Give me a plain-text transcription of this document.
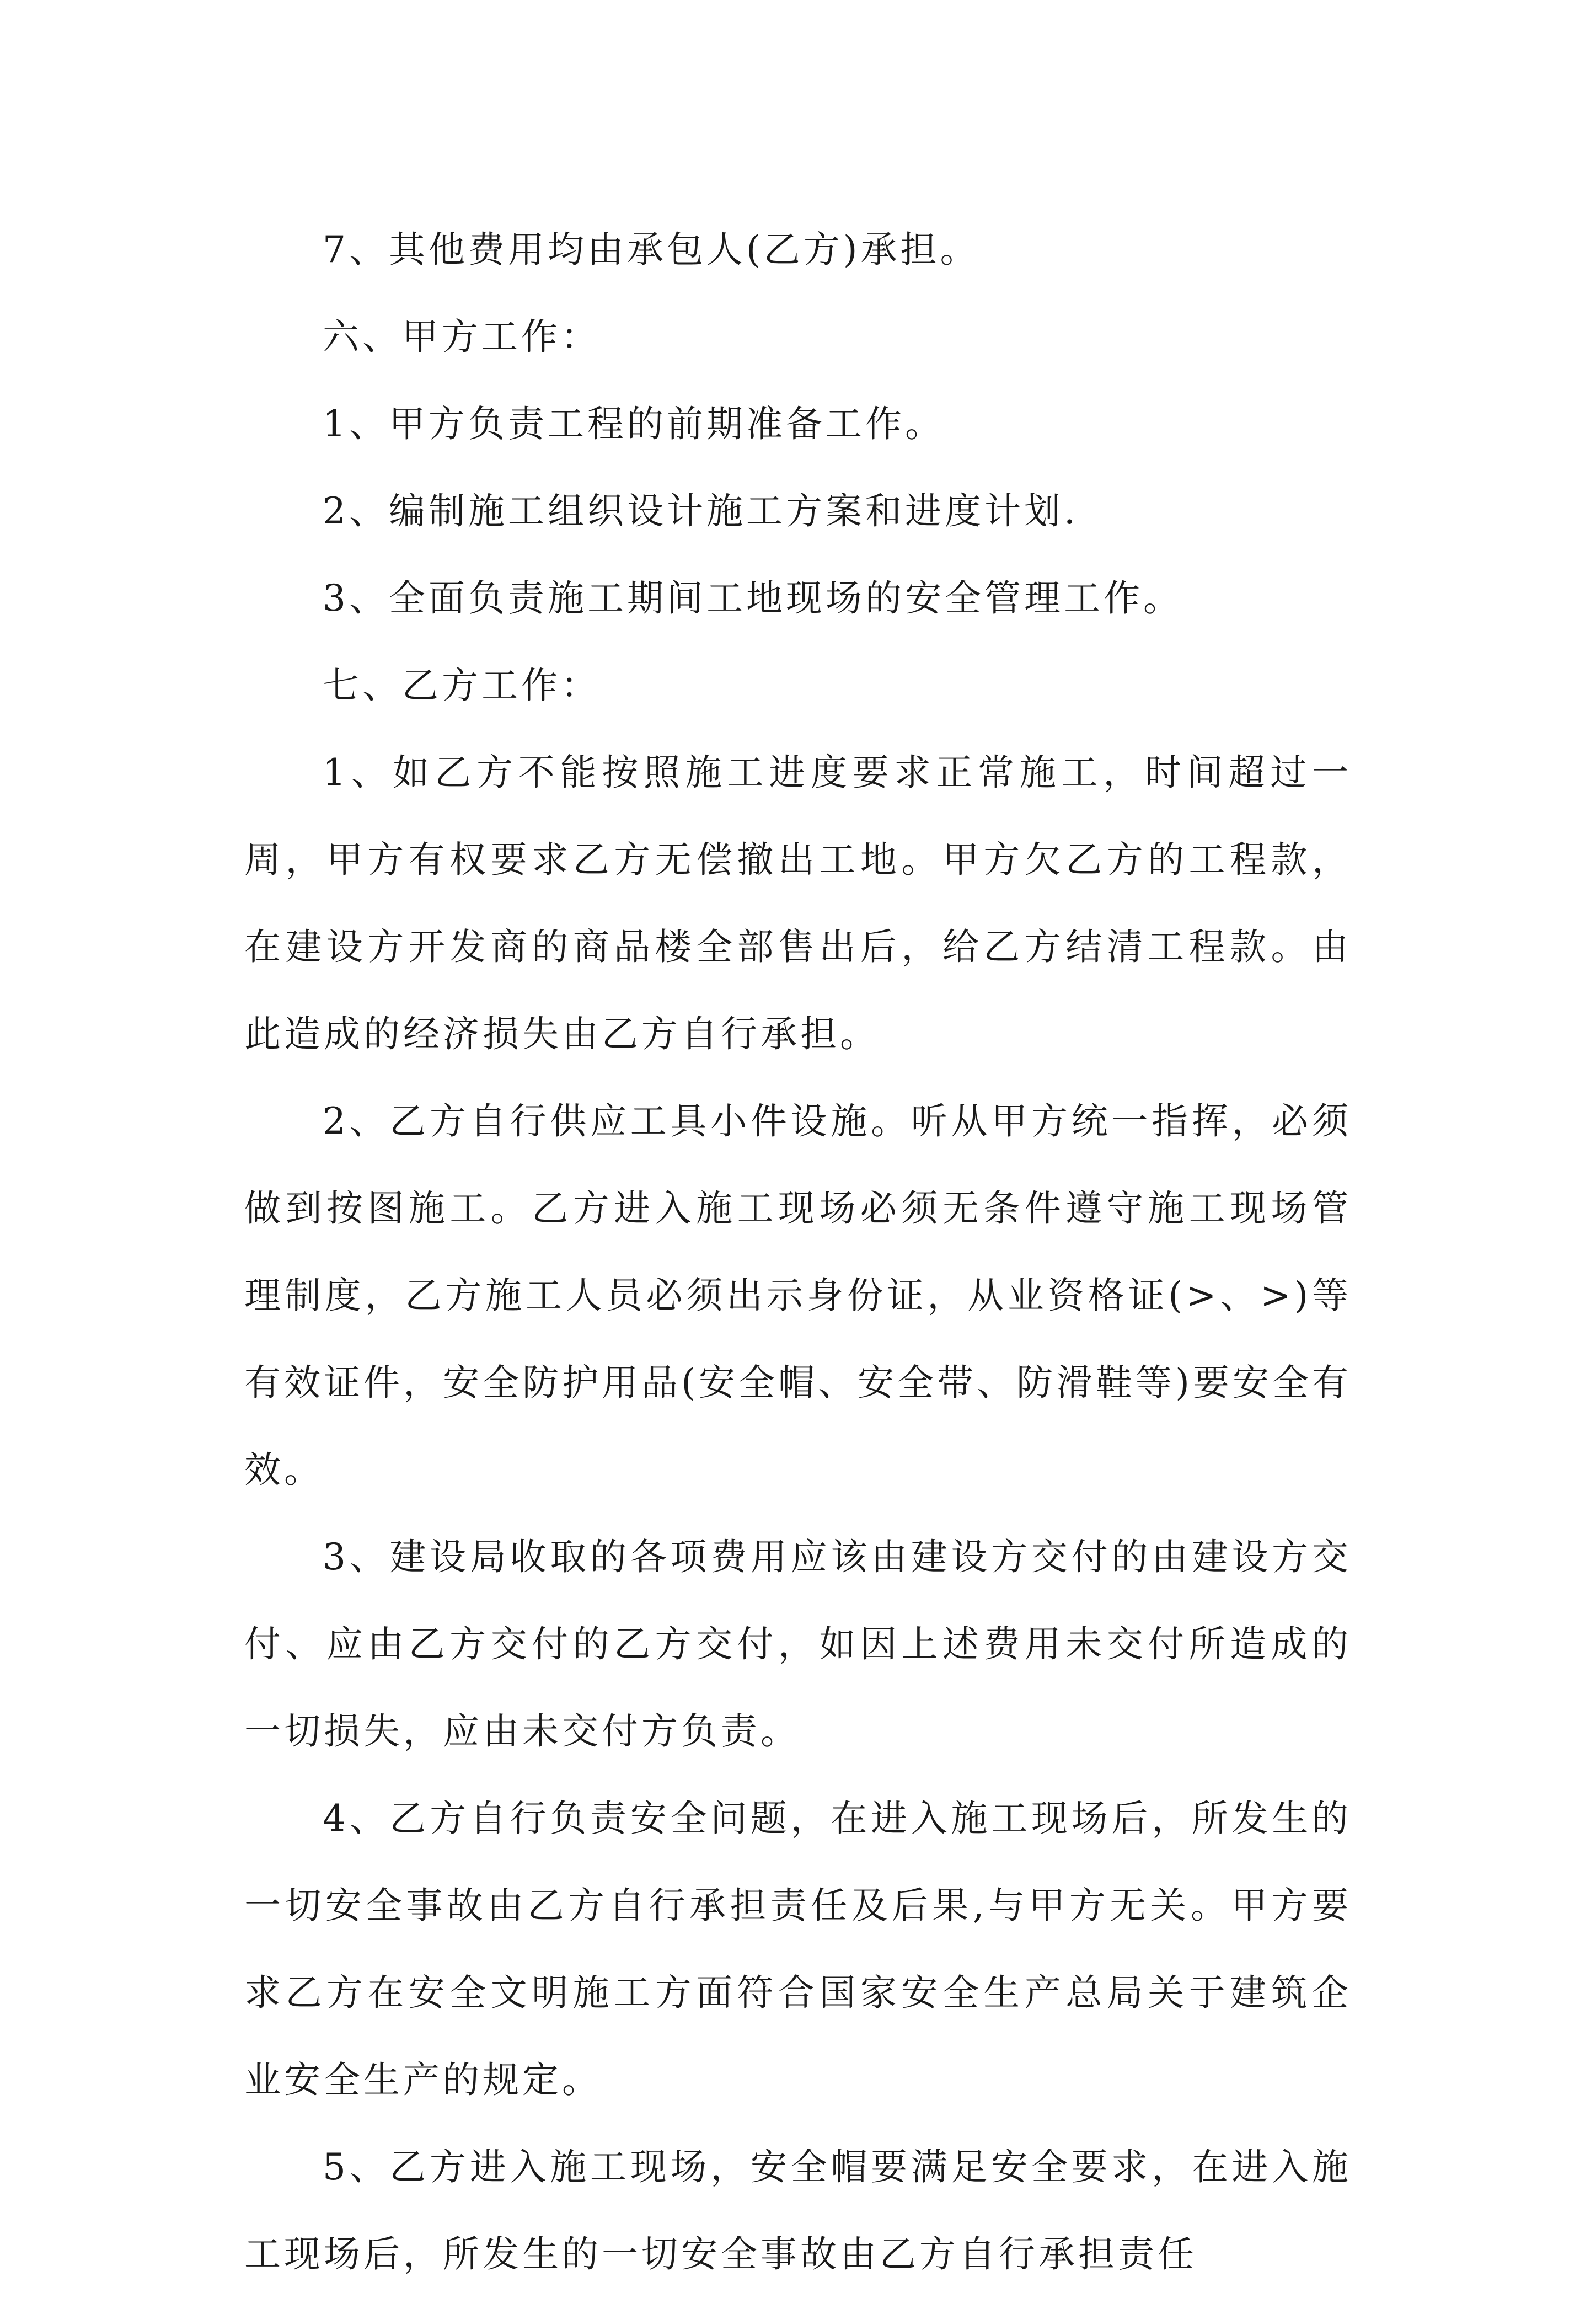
7、其他费用均由承包人(乙方)承担。

六、甲方工作：

1、甲方负责工程的前期准备工作。

2、编制施工组织设计施工方案和进度计划.

3、全面负责施工期间工地现场的安全管理工作。

七、乙方工作：

1、如乙方不能按照施工进度要求正常施工，时间超过一周，甲方有权要求乙方无偿撤出工地。甲方欠乙方的工程款，在建设方开发商的商品楼全部售出后，给乙方结清工程款。由此造成的经济损失由乙方自行承担。

2、乙方自行供应工具小件设施。听从甲方统一指挥，必须做到按图施工。乙方进入施工现场必须无条件遵守施工现场管理制度，乙方施工人员必须出示身份证，从业资格证(>、>)等有效证件，安全防护用品(安全帽、安全带、防滑鞋等)要安全有效。

3、建设局收取的各项费用应该由建设方交付的由建设方交付、应由乙方交付的乙方交付，如因上述费用未交付所造成的一切损失，应由未交付方负责。

4、乙方自行负责安全问题，在进入施工现场后，所发生的一切安全事故由乙方自行承担责任及后果,与甲方无关。甲方要求乙方在安全文明施工方面符合国家安全生产总局关于建筑企业安全生产的规定。

5、乙方进入施工现场，安全帽要满足安全要求，在进入施工现场后，所发生的一切安全事故由乙方自行承担责任
